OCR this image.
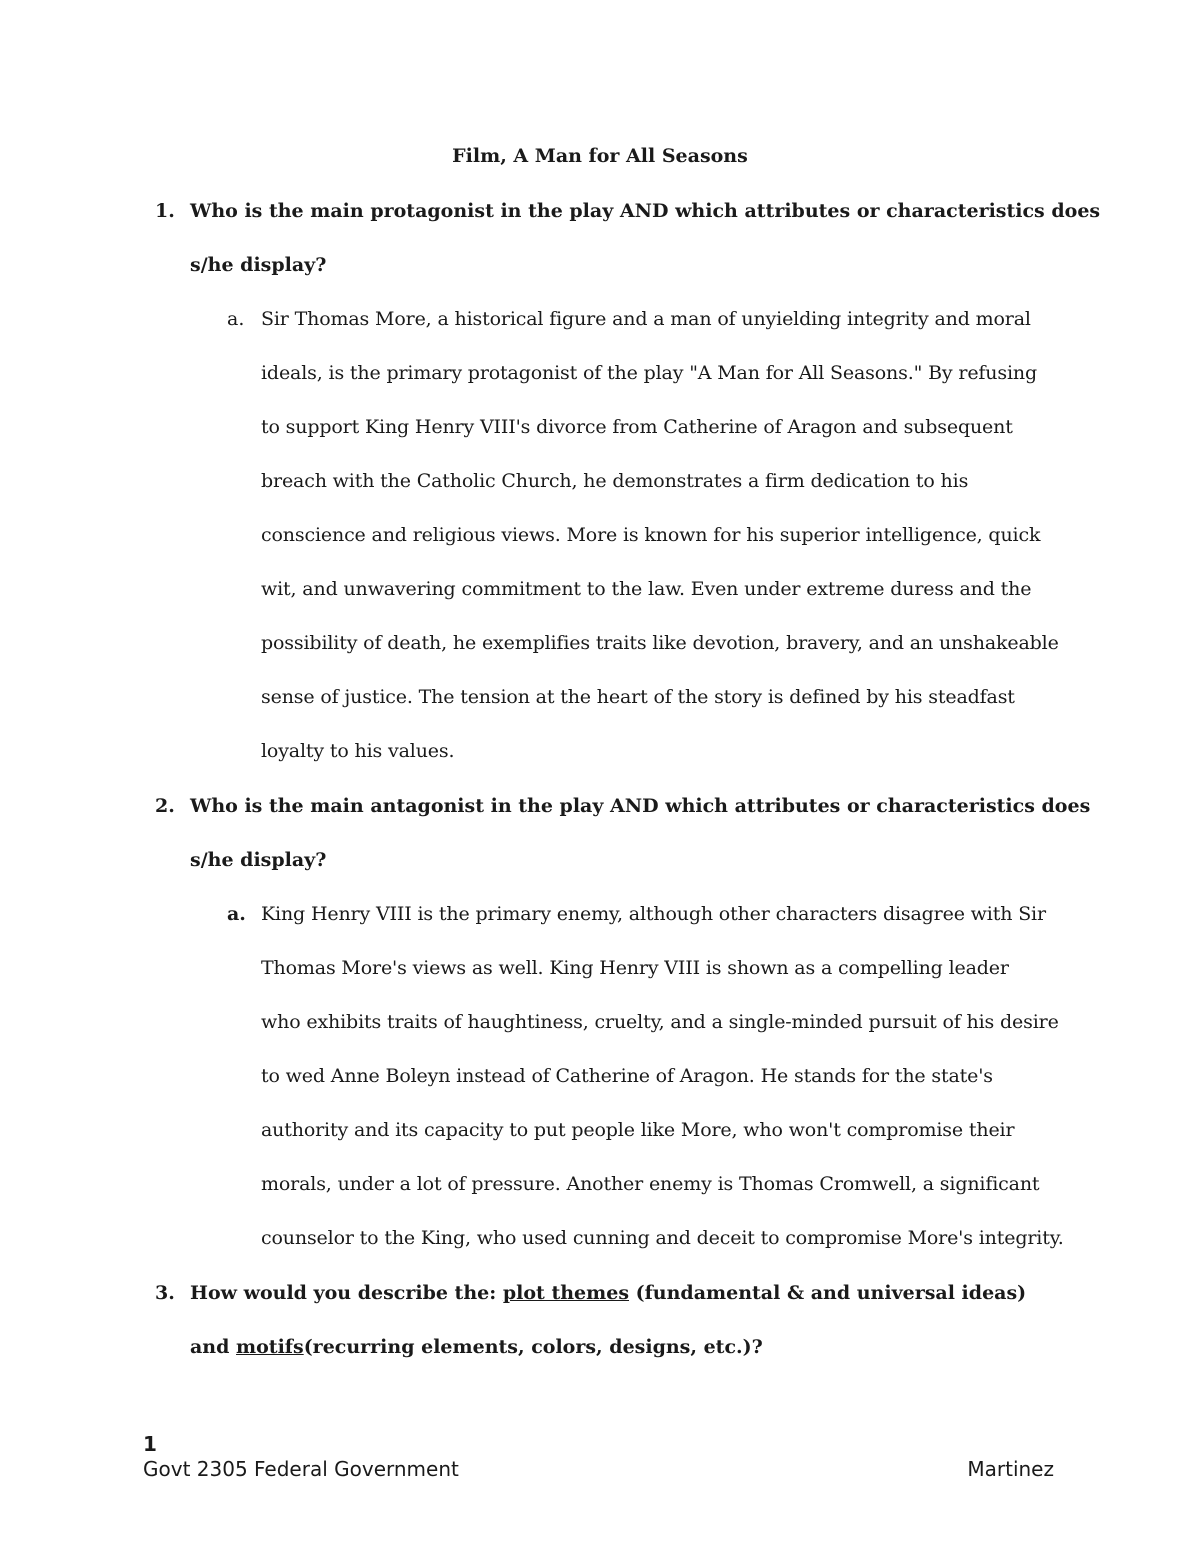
Film, A Man for All Seasons
1. Who is the main protagonist in the play AND which attributes or characteristics does
s/he display?
a. Sir Thomas More, a historical figure and a man of unyielding integrity and moral
ideals, is the primary protagonist of the play "A Man for All Seasons." By refusing
to support King Henry VIII's divorce from Catherine of Aragon and subsequent
breach with the Catholic Church, he demonstrates a firm dedication to his
conscience and religious views. More is known for his superior intelligence, quick
wit, and unwavering commitment to the law. Even under extreme duress and the
possibility of death, he exemplifies traits like devotion, bravery, and an unshakeable
sense of justice. The tension at the heart of the story is defined by his steadfast
loyalty to his values.
2. Who is the main antagonist in the play AND which attributes or characteristics does
s/he display?
a. King Henry VIII is the primary enemy, although other characters disagree with Sir
Thomas More's views as well. King Henry VIII is shown as a compelling leader
who exhibits traits of haughtiness, cruelty, and a single-minded pursuit of his desire
to wed Anne Boleyn instead of Catherine of Aragon. He stands for the state's
authority and its capacity to put people like More, who won't compromise their
morals, under a lot of pressure. Another enemy is Thomas Cromwell, a significant
counselor to the King, who used cunning and deceit to compromise More's integrity.
3. How would you describe the: plot themes (fundamental & and universal ideas)
and motifs(recurring elements, colors, designs, etc.)?
1
Govt 2305 Federal Government	Martinez
